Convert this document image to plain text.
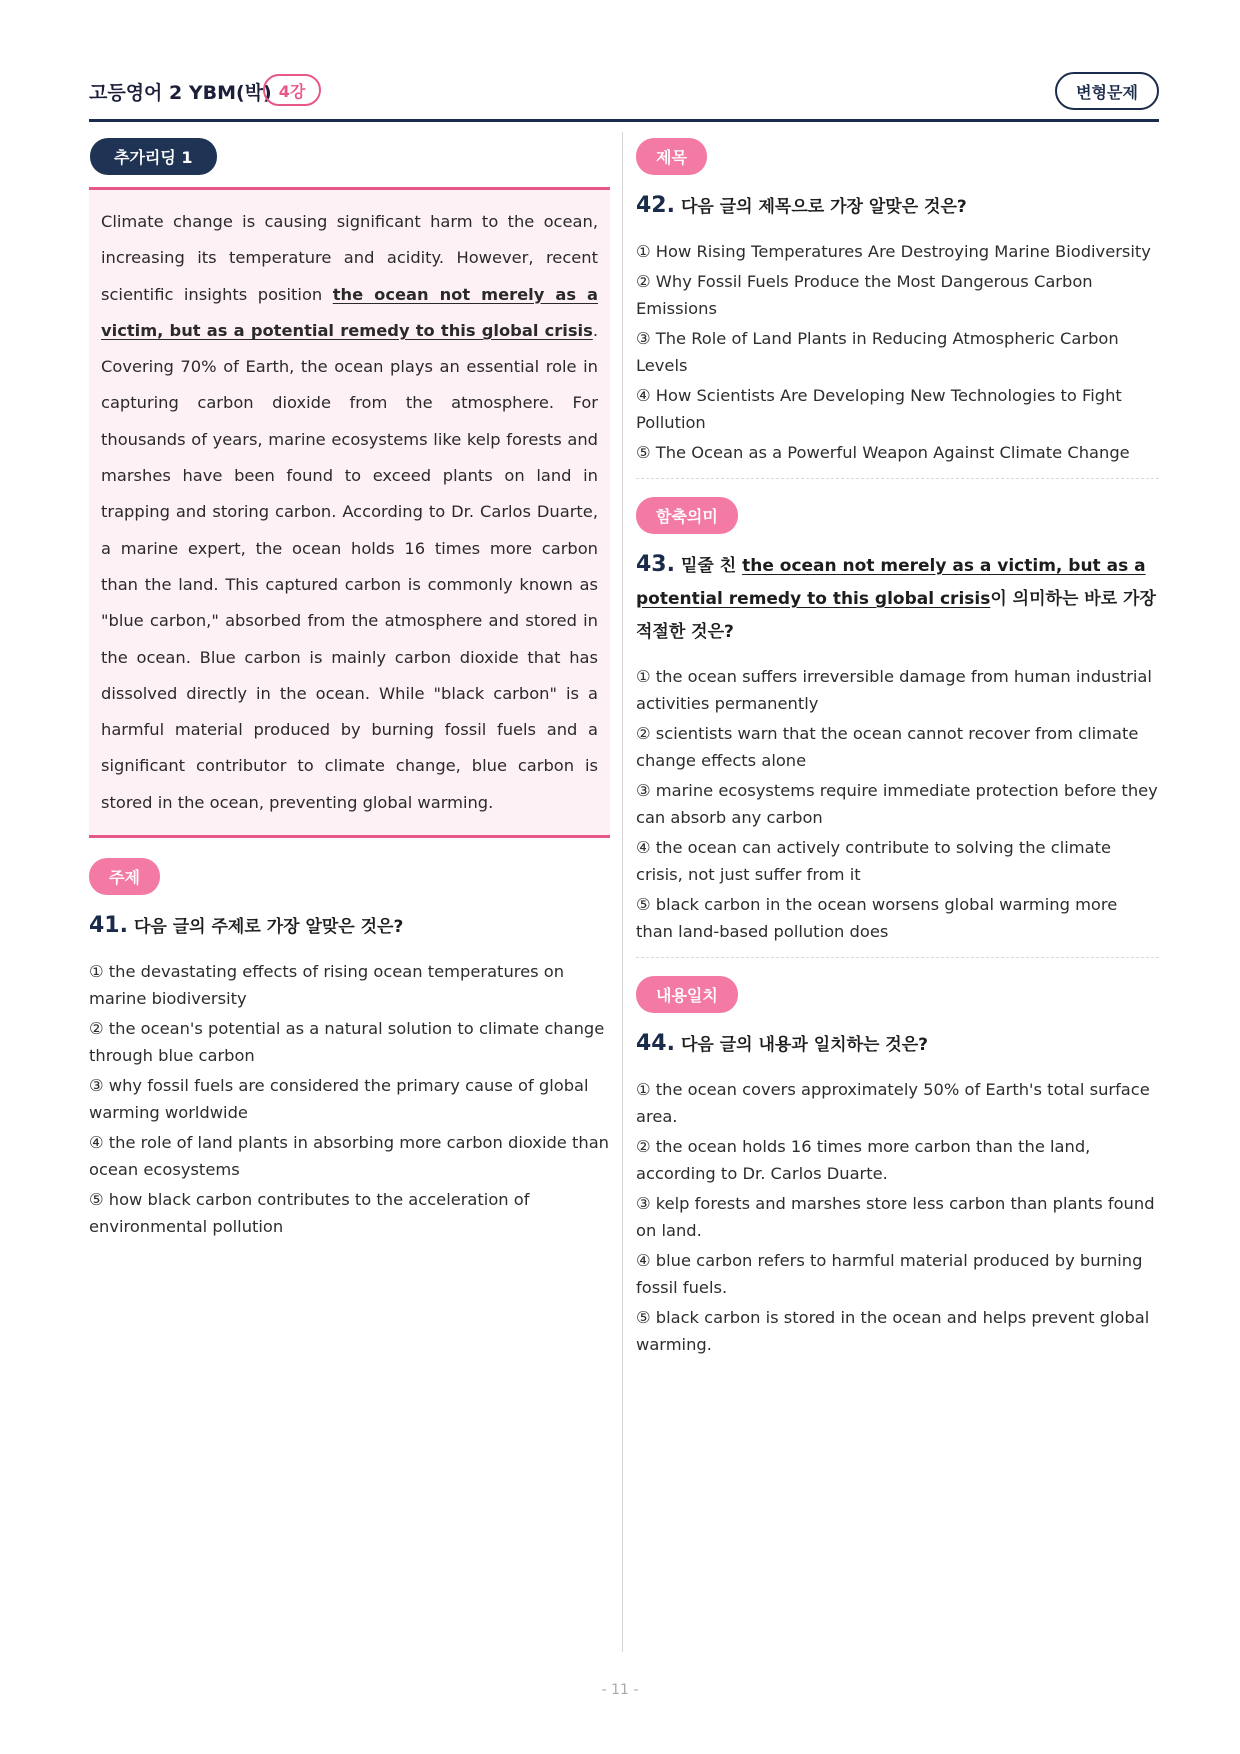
고등영어 2 YBM(박) 4강	변형문제
추가리딩 1
Climate change is causing significant harm to the ocean, increasing its temperature and acidity. However, recent scientific insights position the ocean not merely as a victim, but as a potential remedy to this global crisis. Covering 70% of Earth, the ocean plays an essential role in capturing carbon dioxide from the atmosphere. For thousands of years, marine ecosystems like kelp forests and marshes have been found to exceed plants on land in trapping and storing carbon. According to Dr. Carlos Duarte, a marine expert, the ocean holds 16 times more carbon than the land. This captured carbon is commonly known as "blue carbon," absorbed from the atmosphere and stored in the ocean. Blue carbon is mainly carbon dioxide that has dissolved directly in the ocean. While "black carbon" is a harmful material produced by burning fossil fuels and a significant contributor to climate change, blue carbon is stored in the ocean, preventing global warming.
주제
41. 다음 글의 주제로 가장 알맞은 것은?
① the devastating effects of rising ocean temperatures on marine biodiversity
② the ocean's potential as a natural solution to climate change through blue carbon
③ why fossil fuels are considered the primary cause of global warming worldwide
④ the role of land plants in absorbing more carbon dioxide than ocean ecosystems
⑤ how black carbon contributes to the acceleration of environmental pollution
제목
42. 다음 글의 제목으로 가장 알맞은 것은?
① How Rising Temperatures Are Destroying Marine Biodiversity
② Why Fossil Fuels Produce the Most Dangerous Carbon Emissions
③ The Role of Land Plants in Reducing Atmospheric Carbon Levels
④ How Scientists Are Developing New Technologies to Fight Pollution
⑤ The Ocean as a Powerful Weapon Against Climate Change
함축의미
43. 밑줄 친 the ocean not merely as a victim, but as a potential remedy to this global crisis이 의미하는 바로 가장 적절한 것은?
① the ocean suffers irreversible damage from human industrial activities permanently
② scientists warn that the ocean cannot recover from climate change effects alone
③ marine ecosystems require immediate protection before they can absorb any carbon
④ the ocean can actively contribute to solving the climate crisis, not just suffer from it
⑤ black carbon in the ocean worsens global warming more than land-based pollution does
내용일치
44. 다음 글의 내용과 일치하는 것은?
① the ocean covers approximately 50% of Earth's total surface area.
② the ocean holds 16 times more carbon than the land, according to Dr. Carlos Duarte.
③ kelp forests and marshes store less carbon than plants found on land.
④ blue carbon refers to harmful material produced by burning fossil fuels.
⑤ black carbon is stored in the ocean and helps prevent global warming.
- 11 -
